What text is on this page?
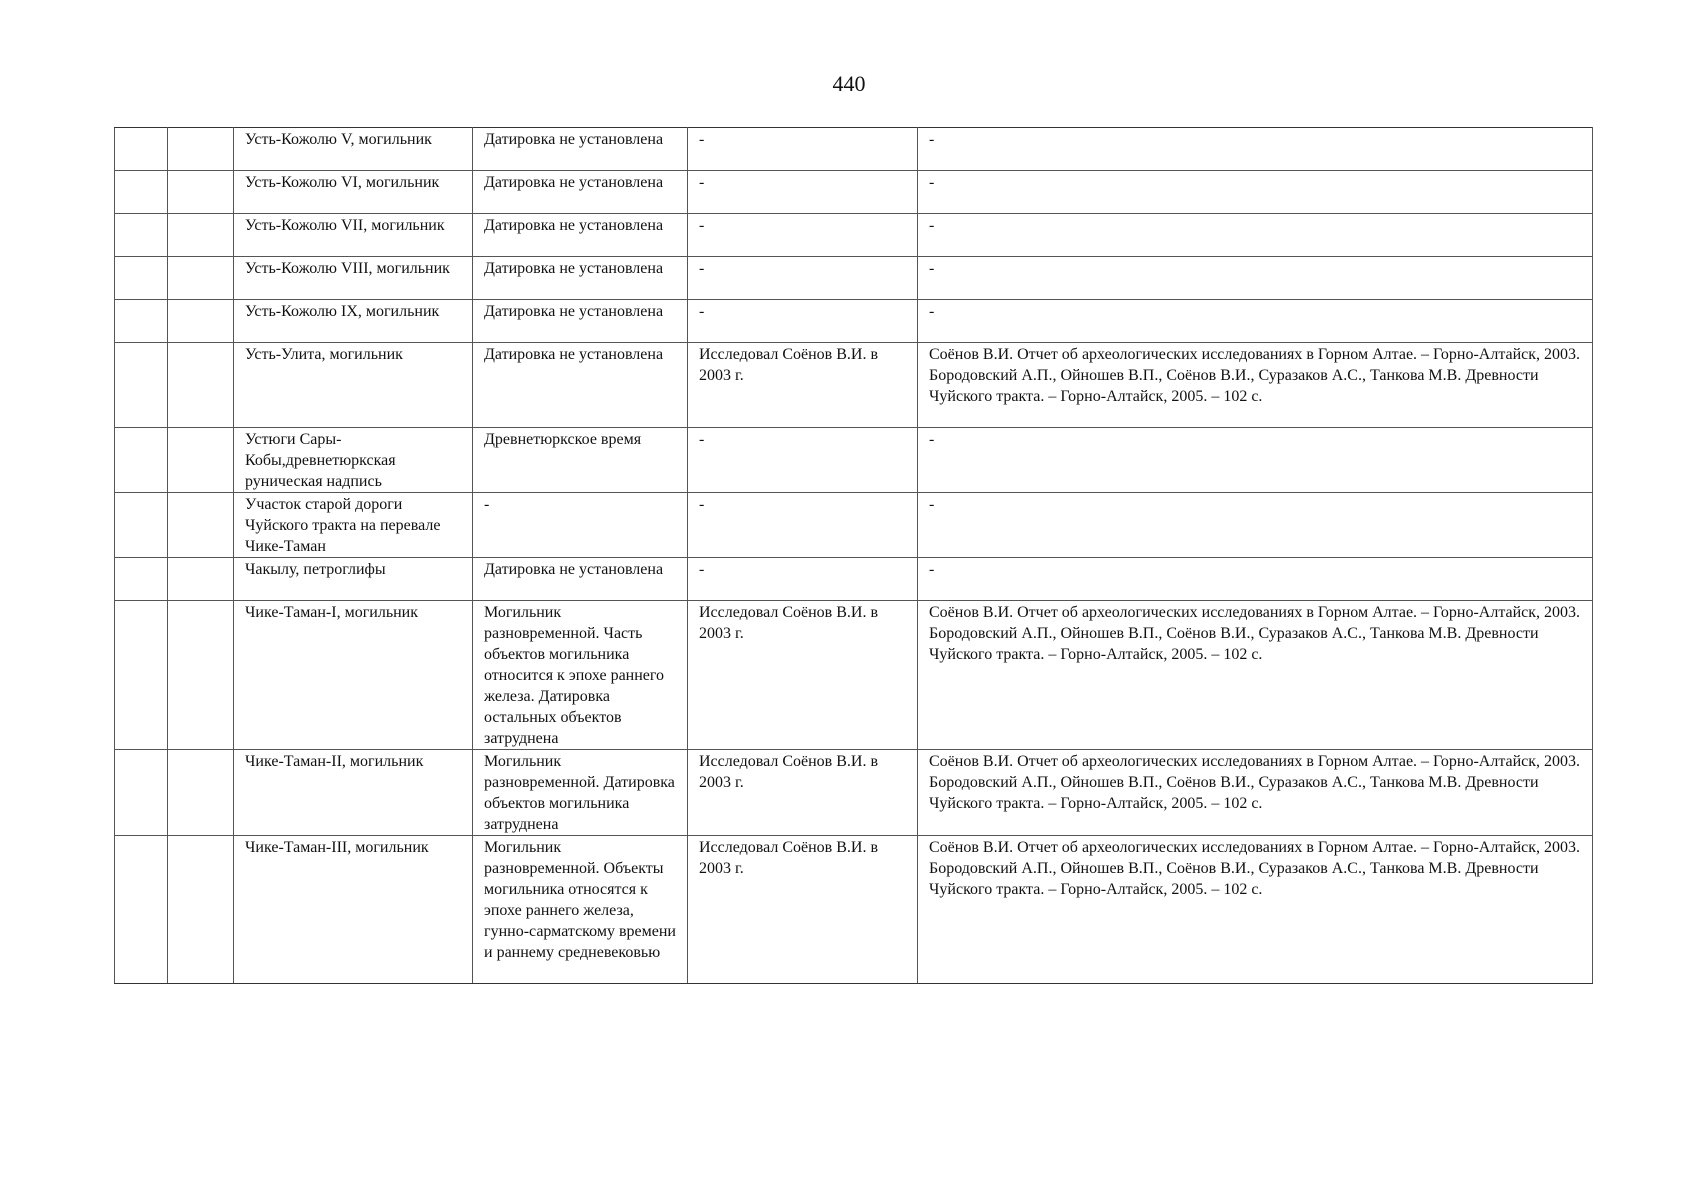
440
		Усть-Кожолю V, могильник	Датировка не установлена	-	-

		Усть-Кожолю VI, могильник	Датировка не установлена	-	-

		Усть-Кожолю VII, могильник	Датировка не установлена	-	-

		Усть-Кожолю VIII, могильник	Датировка не установлена	-	-

		Усть-Кожолю IX, могильник	Датировка не установлена	-	-

		Усть-Улита, могильник	Датировка не установлена	Исследовал Соёнов В.И. в 2003 г.	Соёнов В.И. Отчет об археологических исследованиях в Горном Алтае. – Горно-Алтайск, 2003.
Бородовский А.П., Ойношев В.П., Соёнов В.И., Суразаков А.С., Танкова М.В. Древности Чуйского тракта. – Горно-Алтайск, 2005. – 102 с.

		Устюги Сары-Кобы,древнетюркская руническая надпись	Древнетюркское время	-	-

		Участок старой дороги Чуйского тракта на перевале Чике-Таман	-	-	-

		Чакылу, петроглифы	Датировка не установлена	-	-

		Чике-Таман-I, могильник	Могильник разновременной. Часть объектов могильника относится к эпохе раннего железа. Датировка остальных объектов затруднена	Исследовал Соёнов В.И. в 2003 г.	Соёнов В.И. Отчет об археологических исследованиях в Горном Алтае. – Горно-Алтайск, 2003.
Бородовский А.П., Ойношев В.П., Соёнов В.И., Суразаков А.С., Танкова М.В. Древности Чуйского тракта. – Горно-Алтайск, 2005. – 102 с.

		Чике-Таман-II, могильник	Могильник разновременной. Датировка объектов могильника затруднена	Исследовал Соёнов В.И. в 2003 г.	Соёнов В.И. Отчет об археологических исследованиях в Горном Алтае. – Горно-Алтайск, 2003.
Бородовский А.П., Ойношев В.П., Соёнов В.И., Суразаков А.С., Танкова М.В. Древности Чуйского тракта. – Горно-Алтайск, 2005. – 102 с.

		Чике-Таман-III, могильник	Могильник разновременной. Объекты могильника относятся к эпохе раннего железа, гунно-сарматскому времени и раннему средневековью	Исследовал Соёнов В.И. в 2003 г.	Соёнов В.И. Отчет об археологических исследованиях в Горном Алтае. – Горно-Алтайск, 2003.
Бородовский А.П., Ойношев В.П., Соёнов В.И., Суразаков А.С., Танкова М.В. Древности Чуйского тракта. – Горно-Алтайск, 2005. – 102 с.
